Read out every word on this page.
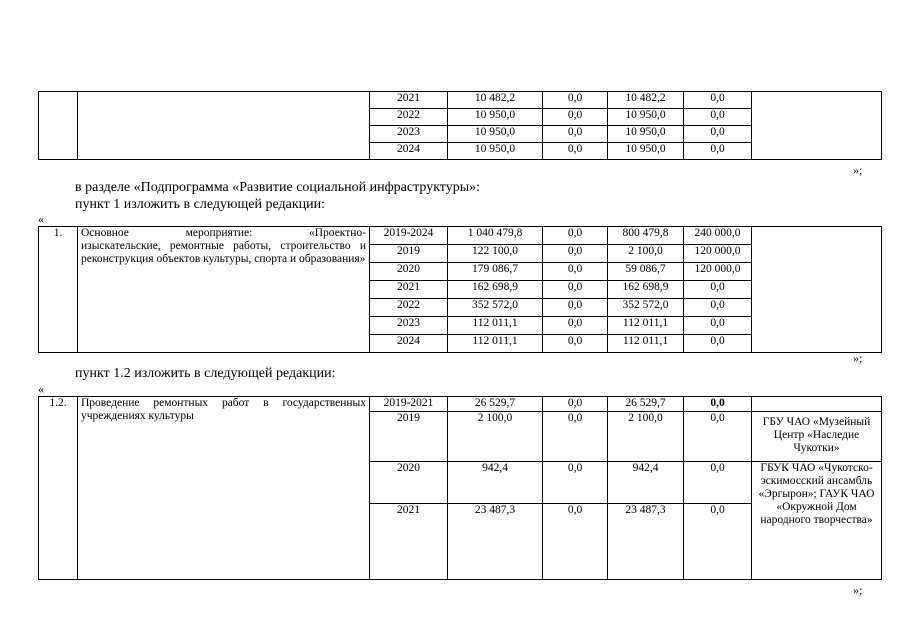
		2021	10 482,2	0,0	10 482,2	0,0	
		2022	10 950,0	0,0	10 950,0	0,0	
		2023	10 950,0	0,0	10 950,0	0,0	
		2024	10 950,0	0,0	10 950,0	0,0	
»;
в разделе «Подпрограмма «Развитие социальной инфраструктуры»:
пункт 1 изложить в следующей редакции:
«
1.	Основное мероприятие: «Проектно-
изыскательские, ремонтные работы, строительство и реконструкция объектов культуры, спорта и образования»	2019-2024	1 040 479,8	0,0	800 479,8	240 000,0	
		2019	122 100,0	0,0	2 100,0	120 000,0	
		2020	179 086,7	0,0	59 086,7	120 000,0	
		2021	162 698,9	0,0	162 698,9	0,0	
		2022	352 572,0	0,0	352 572,0	0,0	
		2023	112 011,1	0,0	112 011,1	0,0	
		2024	112 011,1	0,0	112 011,1	0,0	
»;
пункт 1.2 изложить в следующей редакции:
«
1.2.	Проведение ремонтных работ в государственных учреждениях культуры	2019-2021	26 529,7	0,0	26 529,7	0,0	
		2019	2 100,0	0,0	2 100,0	0,0	ГБУ ЧАО «Музейный Центр «Наследие Чукотки»
		2020	942,4	0,0	942,4	0,0	ГБУК ЧАО «Чукотско-эскимосский ансамбль «Эргырон»; ГАУК ЧАО «Окружной Дом народного творчества»
		2021	23 487,3	0,0	23 487,3	0,0	
»;
